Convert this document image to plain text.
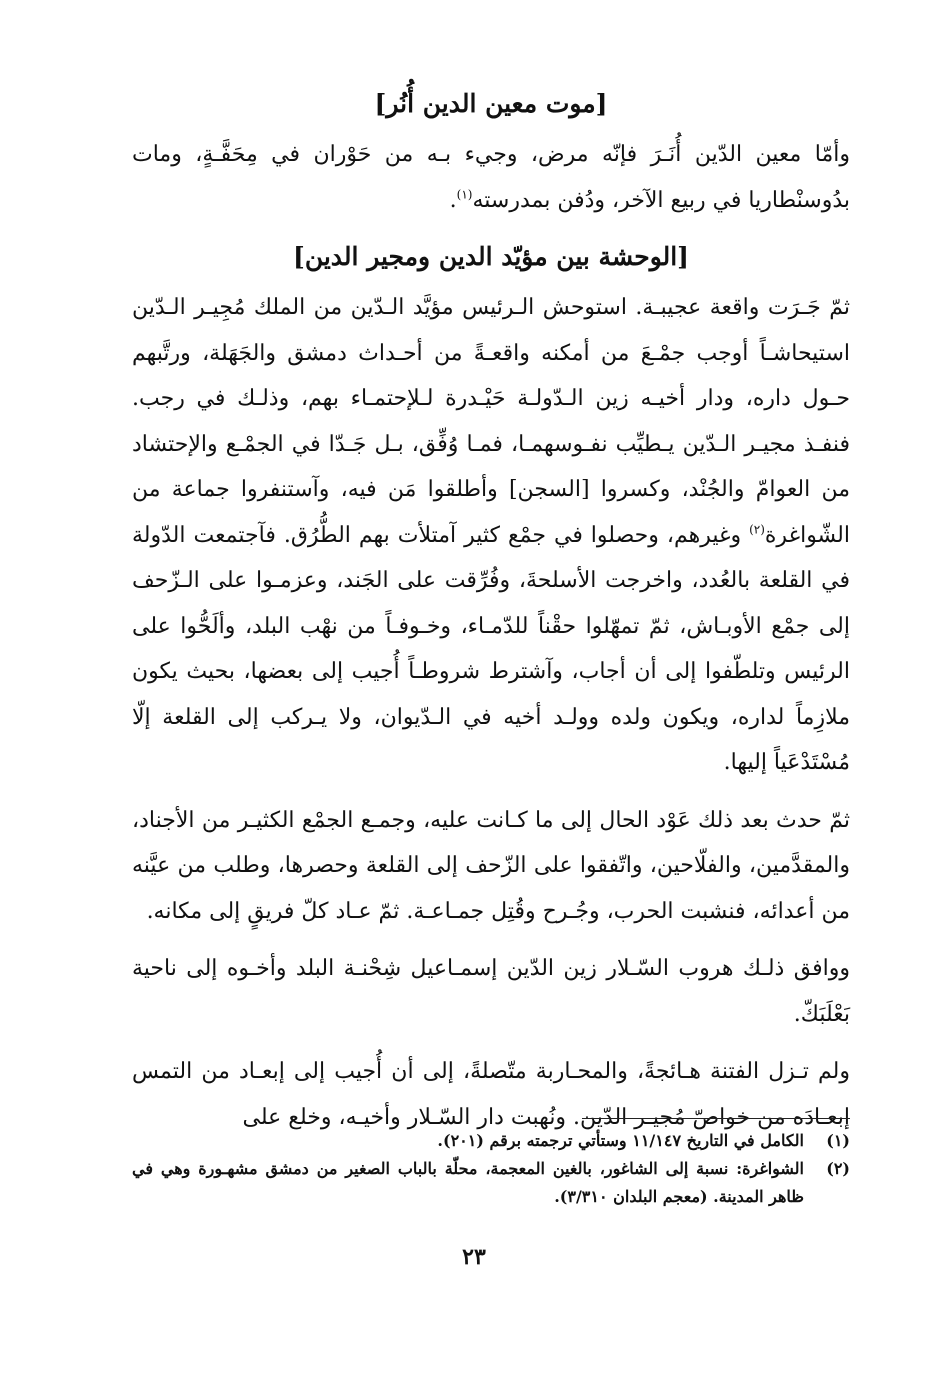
[موت معين الدين أُنُر]

وأمّا معين الدّين أُنَـرَ فإنّه مرض، وجيء بـه من حَوْران في مِحَفَّـةٍ، ومات بدُوسنْطاريا في ربيع الآخر، ودُفن بمدرسته$^{(١)}$.

[الوحشة بين مؤيّد الدين ومجير الدين]

ثمّ جَـرَت واقعة عجيبـة. استوحش الـرئيس مؤيَّد الـدّين من الملك مُجِيـر الـدّين استيحاشـاً أوجب جمْـعَ من أمكنه واقعـةً من أحـداث دمشق والجَهَلة، ورتَّبهم حـول داره، ودار أخيـه زين الـدّولـة حَيْـدرة لـلإحتمـاء بهم، وذلـك في رجب. فنفـذ مجيـر الـدّين يـطيِّب نفـوسهمـا، فمـا وُفِّق، بـل جَـدّا في الجمْـع والإحتشاد من العوامّ والجُنْد، وكسروا [السجن] وأطلقوا مَن فيه، وآستنفروا جماعة من الشّواغرة$^{(٢)}$ وغيرهم، وحصلوا في جمْع كثير آمتلأت بهم الطُّرُق. فآجتمعت الدّولة في القلعة بالعُدد، واخرجت الأسلحةَ، وفُرِّقت على الجَند، وعزمـوا على الـزّحف إلى جمْع الأوبـاش، ثمّ تمهّلوا حقْناً للدّمـاء، وخـوفـاً من نهْب البلد، وألَحُّوا على الرئيس وتلطّفوا إلى أن أجاب، وآشترط شروطـاً أُجيب إلى بعضها، بحيث يكون ملازِماً لداره، ويكون ولده وولـد أخيه في الـدّيوان، ولا يـركب إلى القلعة إلّا مُسْتَدْعَياً إليها.

ثمّ حدث بعد ذلك عَوْد الحال إلى ما كـانت عليه، وجمـع الجمْع الكثيـر من الأجناد، والمقدَّمين، والفلّاحين، واتّفقوا على الزّحف إلى القلعة وحصرها، وطلب من عيَّنه من أعدائه، فنشبت الحرب، وجُـرح وقُتِل جمـاعـة. ثمّ عـاد كلّ فريقٍ إلى مكانه.

ووافق ذلـك هروب السّـلار زين الدّين إسمـاعيل شِحْنـة البلد وأخـوه إلى ناحية بَعْلَبَكّ.

ولم تـزل الفتنة هـائجةً، والمحـاربة متّصلةً، إلى أن أُجيب إلى إبعـاد من التمس إبعـادَه من خواصّ مُجيـر الدّين. ونُهبت دار السّـلار وأخيـه، وخلع على

(١)
الكامل في التاريخ ١١/١٤٧ وستأتي ترجمته برقم (٢٠١).
(٢)
الشواغرة: نسبة إلى الشاغور، بالغين المعجمة، محلّة بالباب الصغير من دمشق مشهـورة وهي في ظاهر المدينة. (معجم البلدان ٣/٣١٠).
٢٣
